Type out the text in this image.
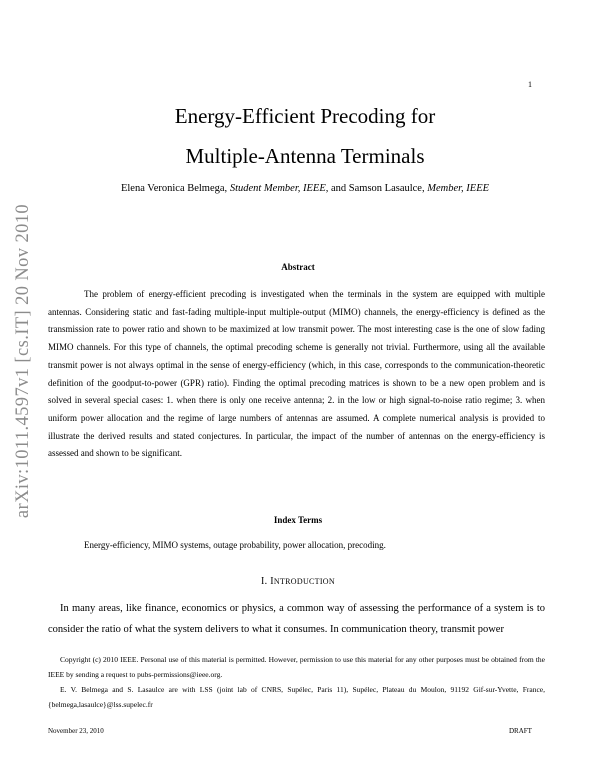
1
arXiv:1011.4597v1 [cs.IT] 20 Nov 2010
Energy-Efficient Precoding for
Multiple-Antenna Terminals
Elena Veronica Belmega, Student Member, IEEE, and Samson Lasaulce, Member, IEEE
Abstract

The problem of energy-efficient precoding is investigated when the terminals in the system are equipped with multiple antennas. Considering static and fast-fading multiple-input multiple-output (MIMO) channels, the energy-efficiency is defined as the transmission rate to power ratio and shown to be maximized at low transmit power. The most interesting case is the one of slow fading MIMO channels. For this type of channels, the optimal precoding scheme is generally not trivial. Furthermore, using all the available transmit power is not always optimal in the sense of energy-efficiency (which, in this case, corresponds to the communication-theoretic definition of the goodput-to-power (GPR) ratio). Finding the optimal precoding matrices is shown to be a new open problem and is solved in several special cases: 1. when there is only one receive antenna; 2. in the low or high signal-to-noise ratio regime; 3. when uniform power allocation and the regime of large numbers of antennas are assumed. A complete numerical analysis is provided to illustrate the derived results and stated conjectures. In particular, the impact of the number of antennas on the energy-efficiency is assessed and shown to be significant.

Index Terms
Energy-efficiency, MIMO systems, outage probability, power allocation, precoding.
I. INTRODUCTION

In many areas, like finance, economics or physics, a common way of assessing the performance of a system is to consider the ratio of what the system delivers to what it consumes. In communication theory, transmit power

Copyright (c) 2010 IEEE. Personal use of this material is permitted. However, permission to use this material for any other purposes must be obtained from the IEEE by sending a request to pubs-permissions@ieee.org.

E. V. Belmega and S. Lasaulce are with LSS (joint lab of CNRS, Supélec, Paris 11), Supélec, Plateau du Moulon, 91192 Gif-sur-Yvette, France, {belmega,lasaulce}@lss.supelec.fr

November 23, 2010	DRAFT
